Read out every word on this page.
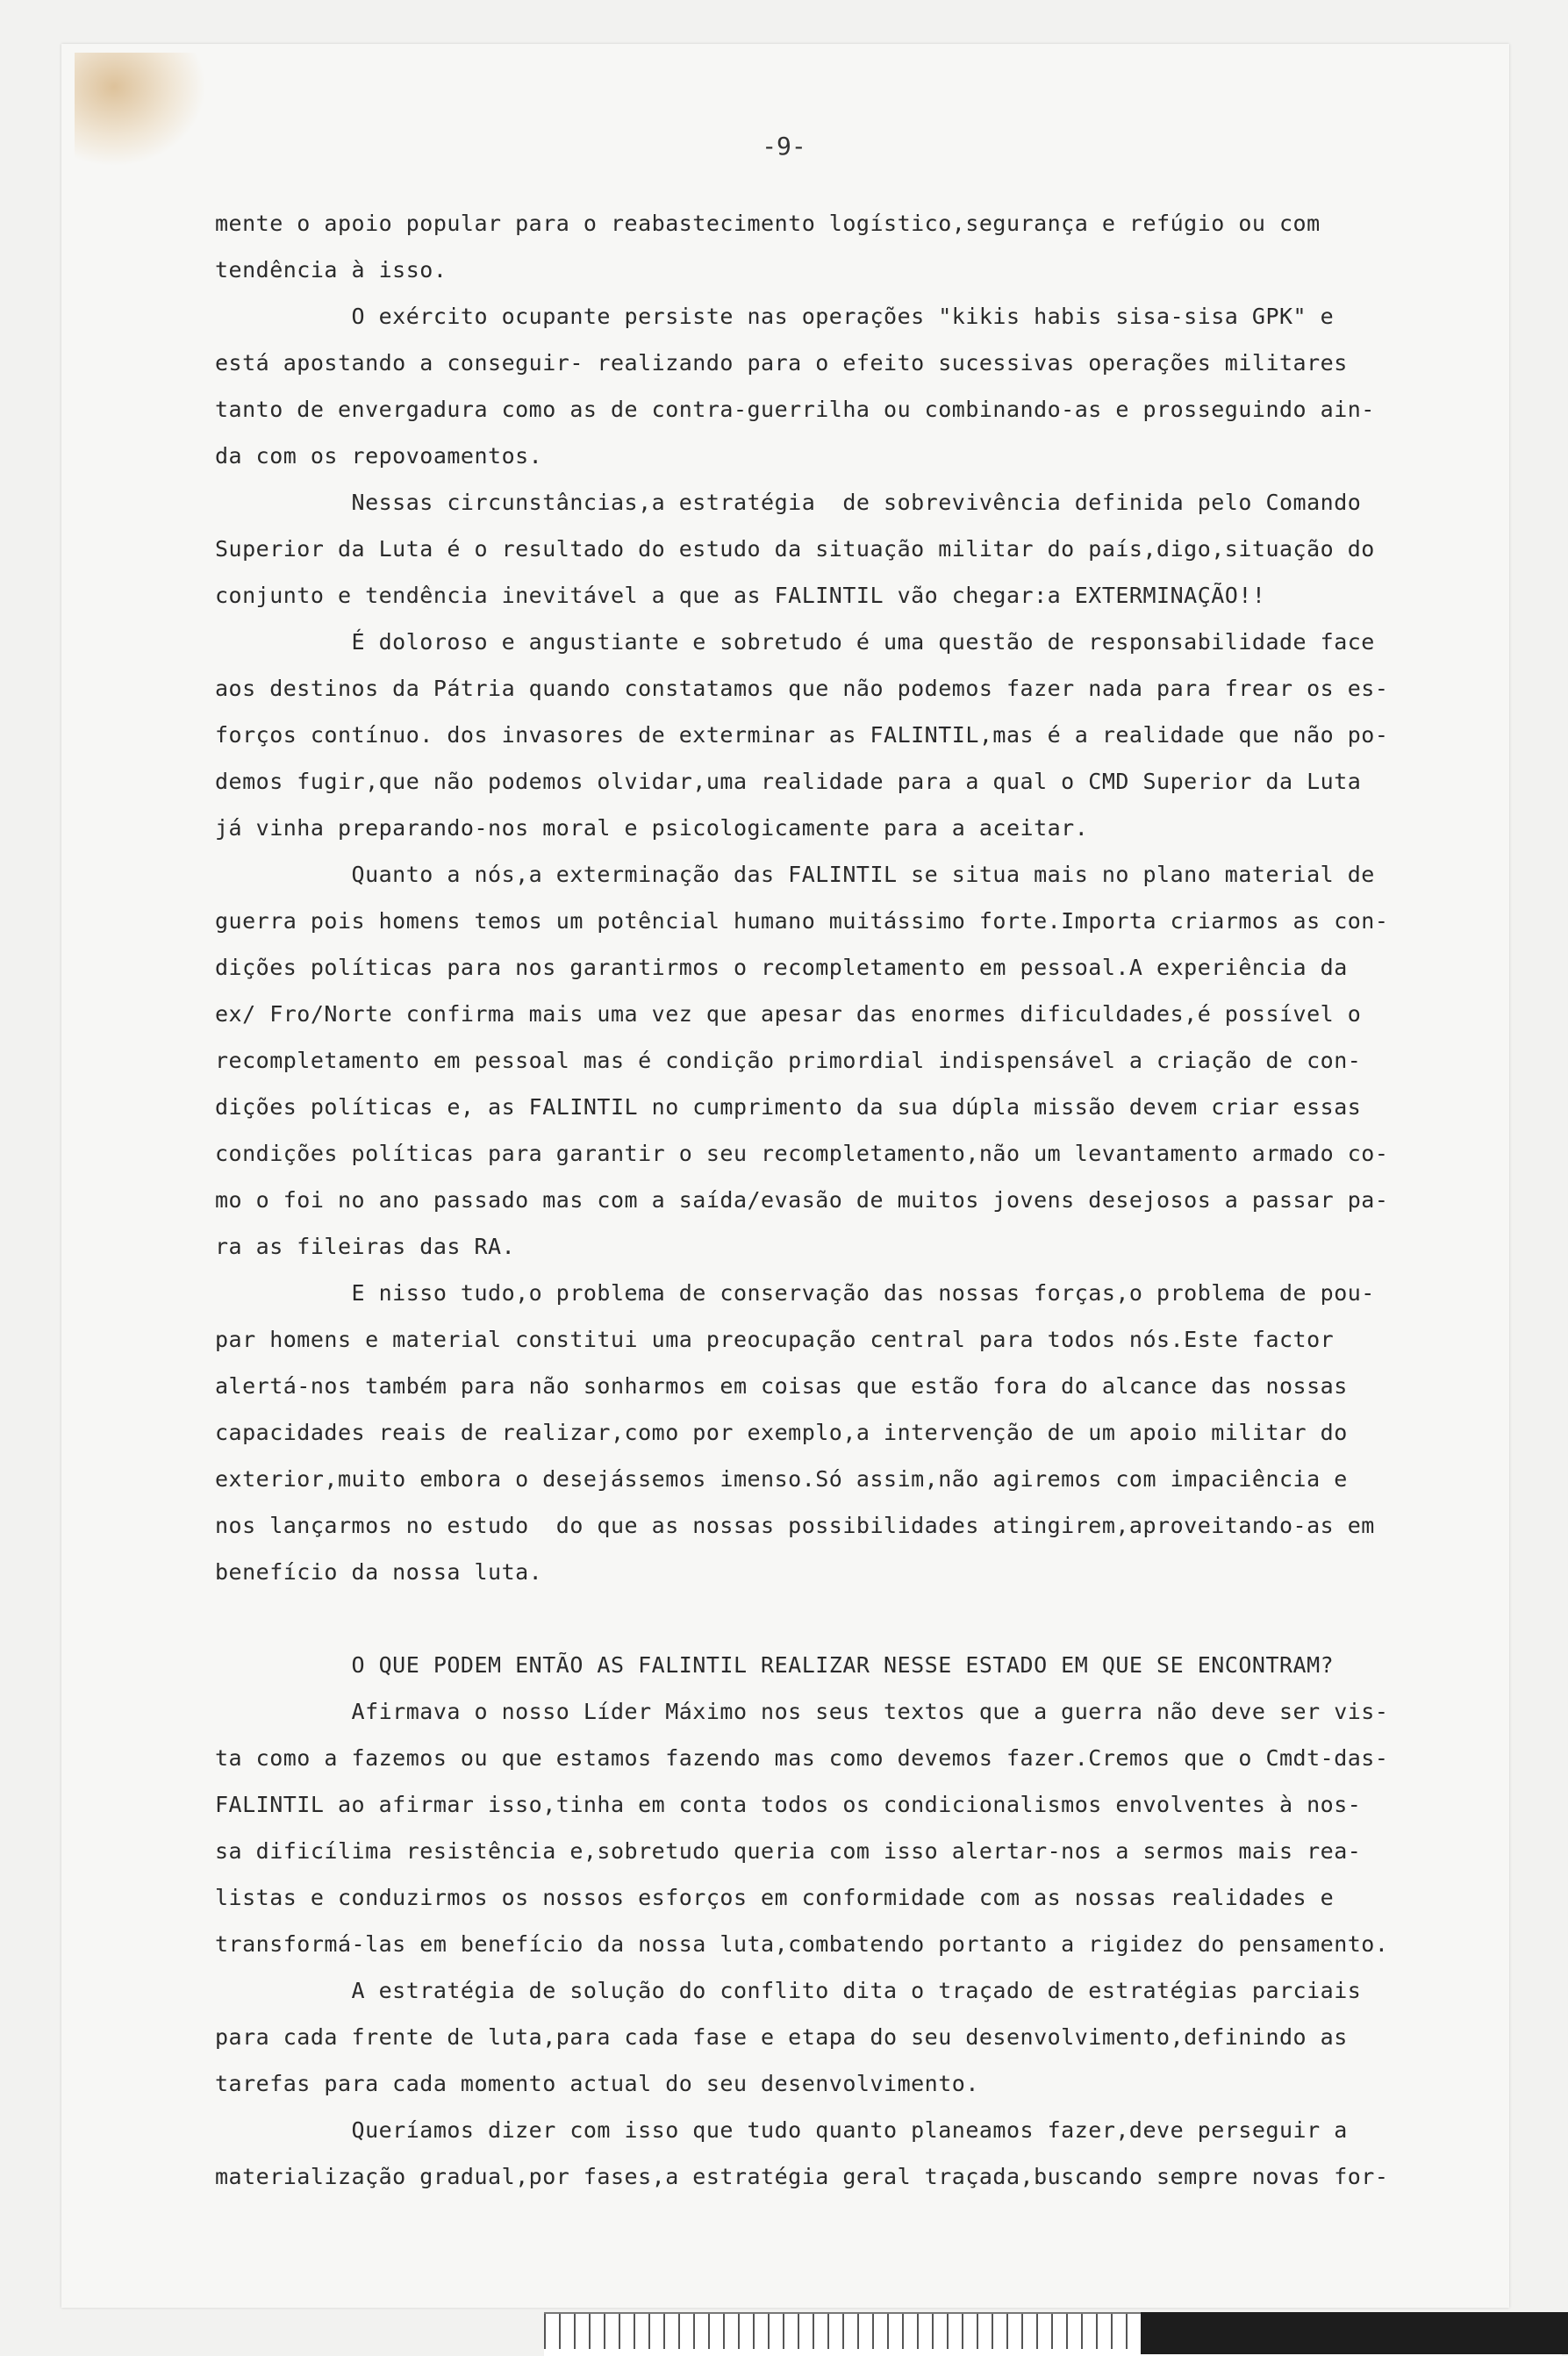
-9-
mente o apoio popular para o reabastecimento logístico,segurança e refúgio ou com
tendência à isso.
O exército ocupante persiste nas operações "kikis habis sisa-sisa GPK" e
está apostando a conseguir- realizando para o efeito sucessivas operações militares
tanto de envergadura como as de contra-guerrilha ou combinando-as e prosseguindo ain-
da com os repovoamentos.
Nessas circunstâncias,a estratégia  de sobrevivência definida pelo Comando
Superior da Luta é o resultado do estudo da situação militar do país,digo,situação do
conjunto e tendência inevitável a que as FALINTIL vão chegar:a EXTERMINAÇÃO!!
É doloroso e angustiante e sobretudo é uma questão de responsabilidade face
aos destinos da Pátria quando constatamos que não podemos fazer nada para frear os es-
forços contínuo. dos invasores de exterminar as FALINTIL,mas é a realidade que não po-
demos fugir,que não podemos olvidar,uma realidade para a qual o CMD Superior da Luta
já vinha preparando-nos moral e psicologicamente para a aceitar.
Quanto a nós,a exterminação das FALINTIL se situa mais no plano material de
guerra pois homens temos um potêncial humano muitássimo forte.Importa criarmos as con-
dições políticas para nos garantirmos o recompletamento em pessoal.A experiência da
ex/ Fro/Norte confirma mais uma vez que apesar das enormes dificuldades,é possível o
recompletamento em pessoal mas é condição primordial indispensável a criação de con-
dições políticas e, as FALINTIL no cumprimento da sua dúpla missão devem criar essas
condições políticas para garantir o seu recompletamento,não um levantamento armado co-
mo o foi no ano passado mas com a saída/evasão de muitos jovens desejosos a passar pa-
ra as fileiras das RA.
E nisso tudo,o problema de conservação das nossas forças,o problema de pou-
par homens e material constitui uma preocupação central para todos nós.Este factor
alertá-nos também para não sonharmos em coisas que estão fora do alcance das nossas
capacidades reais de realizar,como por exemplo,a intervenção de um apoio militar do
exterior,muito embora o desejássemos imenso.Só assim,não agiremos com impaciência e
nos lançarmos no estudo  do que as nossas possibilidades atingirem,aproveitando-as em
benefício da nossa luta.
O QUE PODEM ENTÃO AS FALINTIL REALIZAR NESSE ESTADO EM QUE SE ENCONTRAM?
Afirmava o nosso Líder Máximo nos seus textos que a guerra não deve ser vis-
ta como a fazemos ou que estamos fazendo mas como devemos fazer.Cremos que o Cmdt-das-
FALINTIL ao afirmar isso,tinha em conta todos os condicionalismos envolventes à nos-
sa dificílima resistência e,sobretudo queria com isso alertar-nos a sermos mais rea-
listas e conduzirmos os nossos esforços em conformidade com as nossas realidades e
transformá-las em benefício da nossa luta,combatendo portanto a rigidez do pensamento.
A estratégia de solução do conflito dita o traçado de estratégias parciais
para cada frente de luta,para cada fase e etapa do seu desenvolvimento,definindo as
tarefas para cada momento actual do seu desenvolvimento.
Queríamos dizer com isso que tudo quanto planeamos fazer,deve perseguir a
materialização gradual,por fases,a estratégia geral traçada,buscando sempre novas for-
